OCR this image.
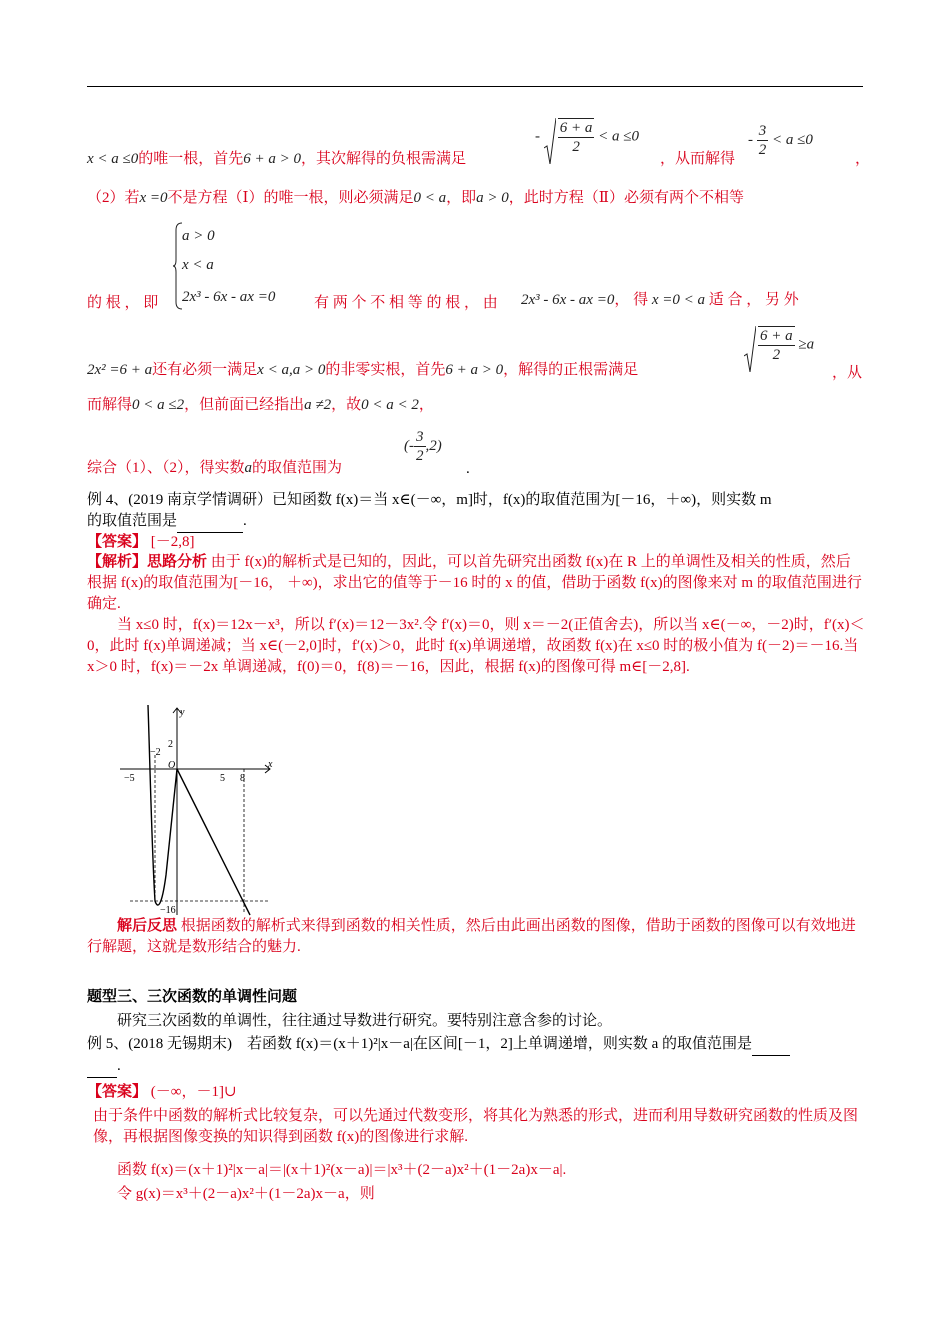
x < a ≤0的唯一根，首先6 + a > 0，其次解得的负根需满足
- $\frac{6 + a}{2} < a \le 0$
，从而解得
- $\frac{3}{2} < a \le 0$
，
（2）若x =0不是方程（Ⅰ）的唯一根，则必须满足0 < a，即a > 0，此时方程（Ⅱ）必须有两个不相等
a > 0
x < a
2x³ - 6x - ax =0
的 根 ， 即	有 两 个 不 相 等 的 根 ， 由 2x³ - 6x - ax =0， 得 x =0 < a 适 合 ， 另 外
2x² =6 + a还有必须一满足x < a,a > 0的非零实根，首先6 + a > 0，解得的正根需满足
$\frac{6 + a}{2} \ge a$
，从
而解得0 < a ≤2，但前面已经指出a ≠2，故0 < a < 2，
综合（1）、（2），得实数a的取值范围为
(- $\frac{3}{2} ,2$)
.
例 4、(2019 南京学情调研）已知函数 f(x)＝当 x∈(－∞，m]时，f(x)的取值范围为[－16，＋∞)，则实数 m
的取值范围是	.
【答案】 [－2,8]
【解析】思路分析 由于 f(x)的解析式是已知的，因此，可以首先研究出函数 f(x)在 R 上的单调性及相关的性质，然后根据 f(x)的取值范围为[－16， ＋∞)，求出它的值等于－16 时的 x 的值，借助于函数 f(x)的图像来对 m 的取值范围进行确定.
当 x≤0 时，f(x)＝12x－x³，所以 f′(x)＝12－3x².令 f′(x)＝0，则 x＝－2(正值舍去)，所以当 x∈(－∞，－2)时，f′(x)＜0，此时 f(x)单调递减；当 x∈(－2,0]时，f′(x)＞0，此时 f(x)单调递增，故函数 f(x)在 x≤0 时的极小值为 f(－2)＝－16.当 x＞0 时，f(x)＝－2x 单调递减，f(0)＝0，f(8)＝－16，因此，根据 f(x)的图像可得 m∈[－2,8].
y
x
O
−2
2
−5	5 8
−16
解后反思 根据函数的解析式来得到函数的相关性质，然后由此画出函数的图像，借助于函数的图像可以有效地进行解题，这就是数形结合的魅力.
题型三、三次函数的单调性问题
研究三次函数的单调性，往往通过导数进行研究。要特别注意含参的讨论。
例 5、(2018 无锡期末)　若函数 f(x)＝(x＋1)²|x－a|在区间[－1，2]上单调递增，则实数 a 的取值范围是
.
【答案】 (－∞，－1]∪
由于条件中函数的解析式比较复杂，可以先通过代数变形，将其化为熟悉的形式，进而利用导数研究函数的性质及图像，再根据图像变换的知识得到函数 f(x)的图像进行求解.
函数 f(x)＝(x＋1)²|x－a|＝|(x＋1)²(x－a)|＝|x³＋(2－a)x²＋(1－2a)x－a|.
令 g(x)＝x³＋(2－a)x²＋(1－2a)x－a，则
